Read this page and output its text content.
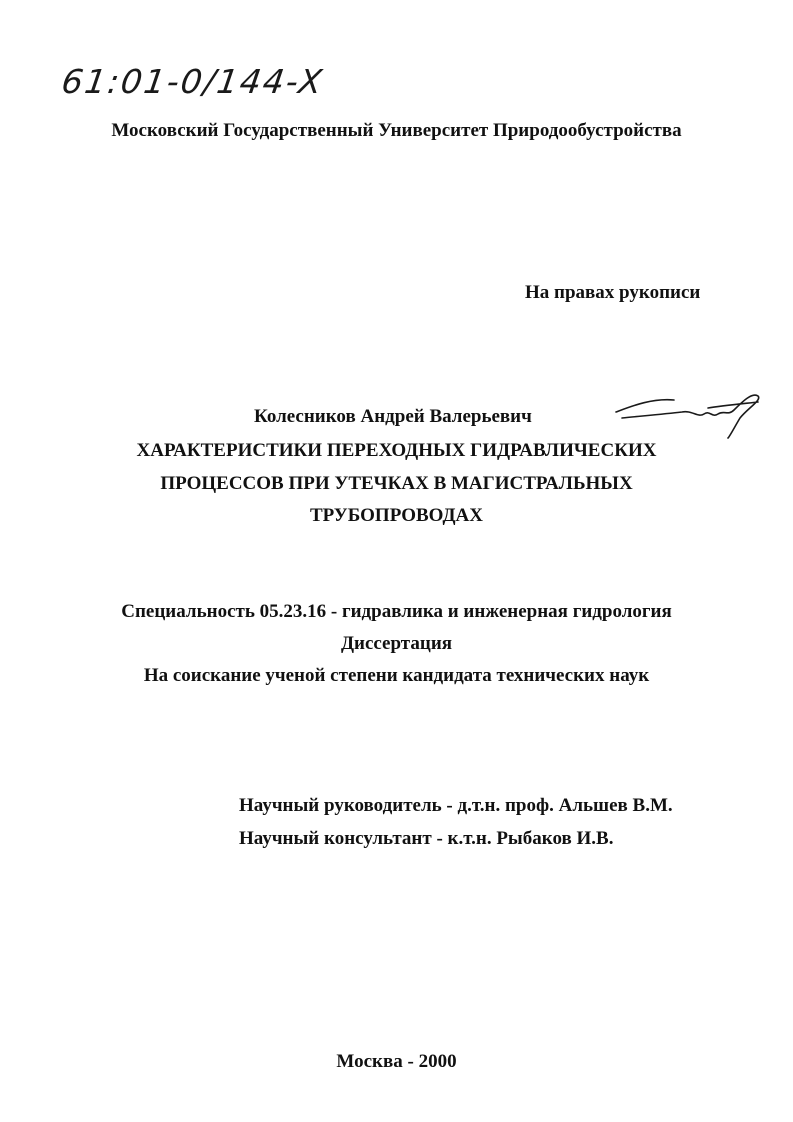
61:01-0/144-X
Московский Государственный Университет Природообустройства
На правах рукописи
Колесников Андрей Валерьевич
ХАРАКТЕРИСТИКИ ПЕРЕХОДНЫХ ГИДРАВЛИЧЕСКИХ
ПРОЦЕССОВ ПРИ УТЕЧКАХ В МАГИСТРАЛЬНЫХ
ТРУБОПРОВОДАХ
Специальность 05.23.16 - гидравлика и инженерная гидрология
Диссертация
На соискание ученой степени кандидата технических наук
Научный руководитель - д.т.н. проф. Альшев В.М.
Научный консультант - к.т.н. Рыбаков И.В.
Москва - 2000
